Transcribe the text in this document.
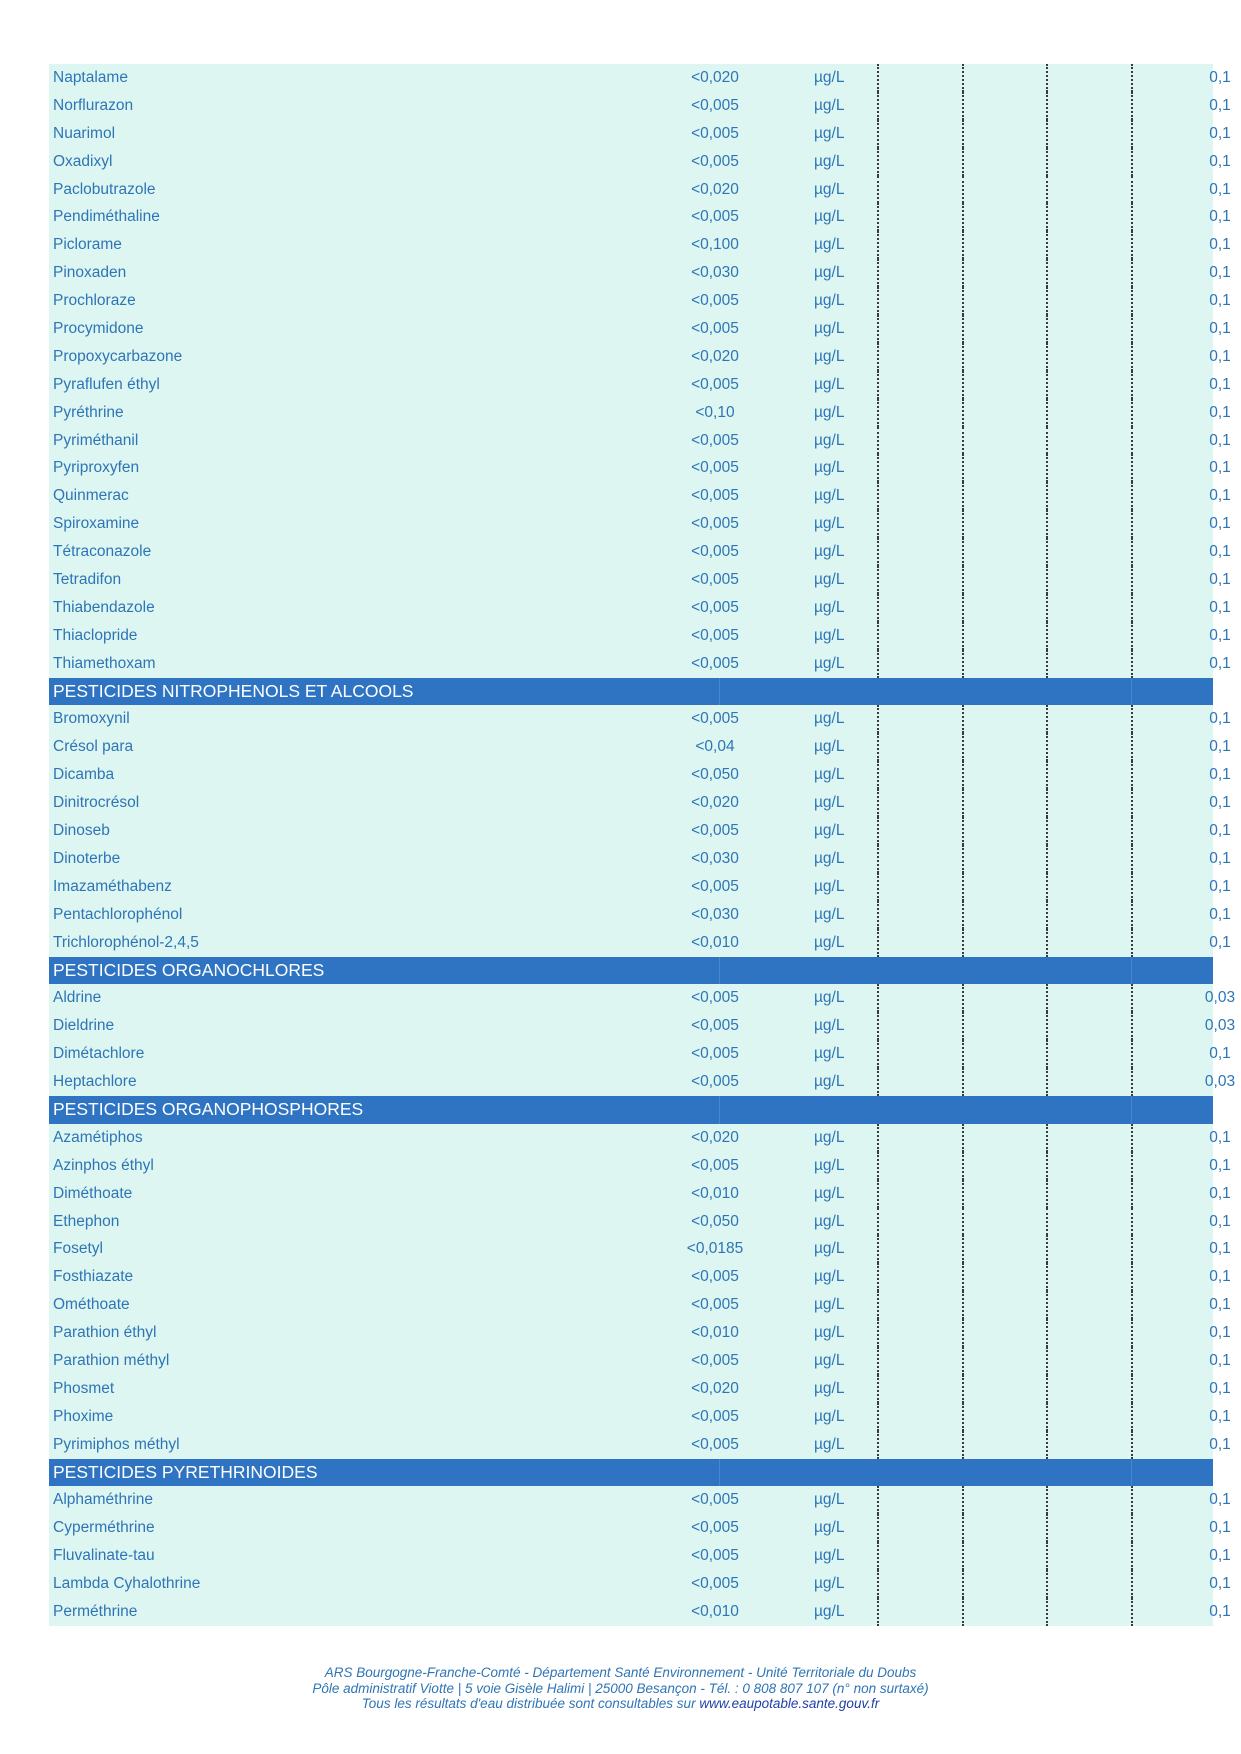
Naptalame	<0,020	µg/L	0,1
Norflurazon	<0,005	µg/L	0,1
Nuarimol	<0,005	µg/L	0,1
Oxadixyl	<0,005	µg/L	0,1
Paclobutrazole	<0,020	µg/L	0,1
Pendiméthaline	<0,005	µg/L	0,1
Piclorame	<0,100	µg/L	0,1
Pinoxaden	<0,030	µg/L	0,1
Prochloraze	<0,005	µg/L	0,1
Procymidone	<0,005	µg/L	0,1
Propoxycarbazone	<0,020	µg/L	0,1
Pyraflufen éthyl	<0,005	µg/L	0,1
Pyréthrine	<0,10	µg/L	0,1
Pyriméthanil	<0,005	µg/L	0,1
Pyriproxyfen	<0,005	µg/L	0,1
Quinmerac	<0,005	µg/L	0,1
Spiroxamine	<0,005	µg/L	0,1
Tétraconazole	<0,005	µg/L	0,1
Tetradifon	<0,005	µg/L	0,1
Thiabendazole	<0,005	µg/L	0,1
Thiaclopride	<0,005	µg/L	0,1
Thiamethoxam	<0,005	µg/L	0,1
PESTICIDES NITROPHENOLS ET ALCOOLS
Bromoxynil	<0,005	µg/L	0,1
Crésol para	<0,04	µg/L	0,1
Dicamba	<0,050	µg/L	0,1
Dinitrocrésol	<0,020	µg/L	0,1
Dinoseb	<0,005	µg/L	0,1
Dinoterbe	<0,030	µg/L	0,1
Imazaméthabenz	<0,005	µg/L	0,1
Pentachlorophénol	<0,030	µg/L	0,1
Trichlorophénol-2,4,5	<0,010	µg/L	0,1
PESTICIDES ORGANOCHLORES
Aldrine	<0,005	µg/L	0,03
Dieldrine	<0,005	µg/L	0,03
Dimétachlore	<0,005	µg/L	0,1
Heptachlore	<0,005	µg/L	0,03
PESTICIDES ORGANOPHOSPHORES
Azamétiphos	<0,020	µg/L	0,1
Azinphos éthyl	<0,005	µg/L	0,1
Diméthoate	<0,010	µg/L	0,1
Ethephon	<0,050	µg/L	0,1
Fosetyl	<0,0185	µg/L	0,1
Fosthiazate	<0,005	µg/L	0,1
Ométhoate	<0,005	µg/L	0,1
Parathion éthyl	<0,010	µg/L	0,1
Parathion méthyl	<0,005	µg/L	0,1
Phosmet	<0,020	µg/L	0,1
Phoxime	<0,005	µg/L	0,1
Pyrimiphos méthyl	<0,005	µg/L	0,1
PESTICIDES PYRETHRINOIDES
Alphaméthrine	<0,005	µg/L	0,1
Cyperméthrine	<0,005	µg/L	0,1
Fluvalinate-tau	<0,005	µg/L	0,1
Lambda Cyhalothrine	<0,005	µg/L	0,1
Perméthrine	<0,010	µg/L	0,1
ARS Bourgogne-Franche-Comté - Département Santé Environnement - Unité Territoriale du Doubs
Pôle administratif Viotte | 5 voie Gisèle Halimi | 25000 Besançon - Tél. : 0 808 807 107 (n° non surtaxé)
Tous les résultats d'eau distribuée sont consultables sur www.eaupotable.sante.gouv.fr
